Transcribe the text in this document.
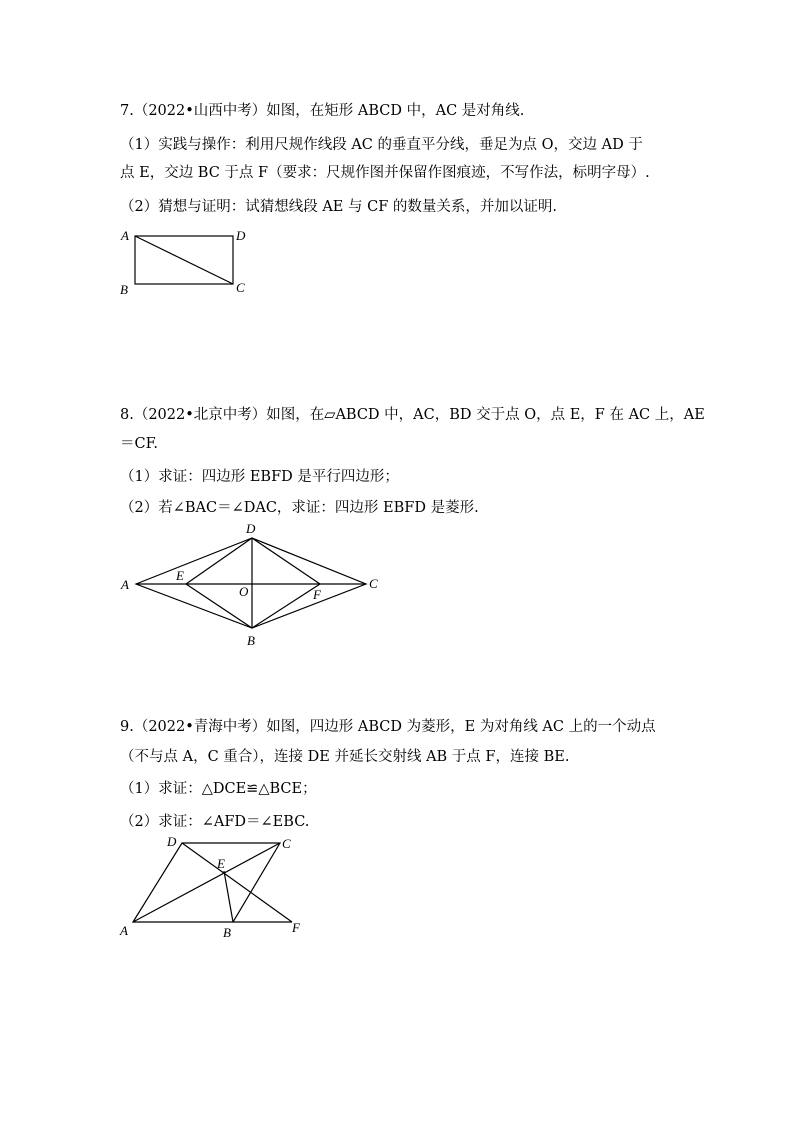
7.（2022•山西中考）如图，在矩形 ABCD 中，AC 是对角线.
（1）实践与操作：利用尺规作线段 AC 的垂直平分线，垂足为点 O，交边 AD 于
点 E，交边 BC 于点 F（要求：尺规作图并保留作图痕迹，不写作法，标明字母）.
（2）猜想与证明：试猜想线段 AE 与 CF 的数量关系，并加以证明.
A	D
B	C
8.（2022•北京中考）如图，在▱ABCD 中，AC，BD 交于点 O，点 E，F 在 AC 上，AE
＝CF.
（1）求证：四边形 EBFD 是平行四边形；
（2）若∠BAC＝∠DAC，求证：四边形 EBFD 是菱形.
D
A
E
O	F
C
B
9.（2022•青海中考）如图，四边形 ABCD 为菱形，E 为对角线 AC 上的一个动点
（不与点 A，C 重合），连接 DE 并延长交射线 AB 于点 F，连接 BE.
（1）求证：△DCE≌△BCE；
（2）求证：∠AFD＝∠EBC.
D	C
E
A	B	F
